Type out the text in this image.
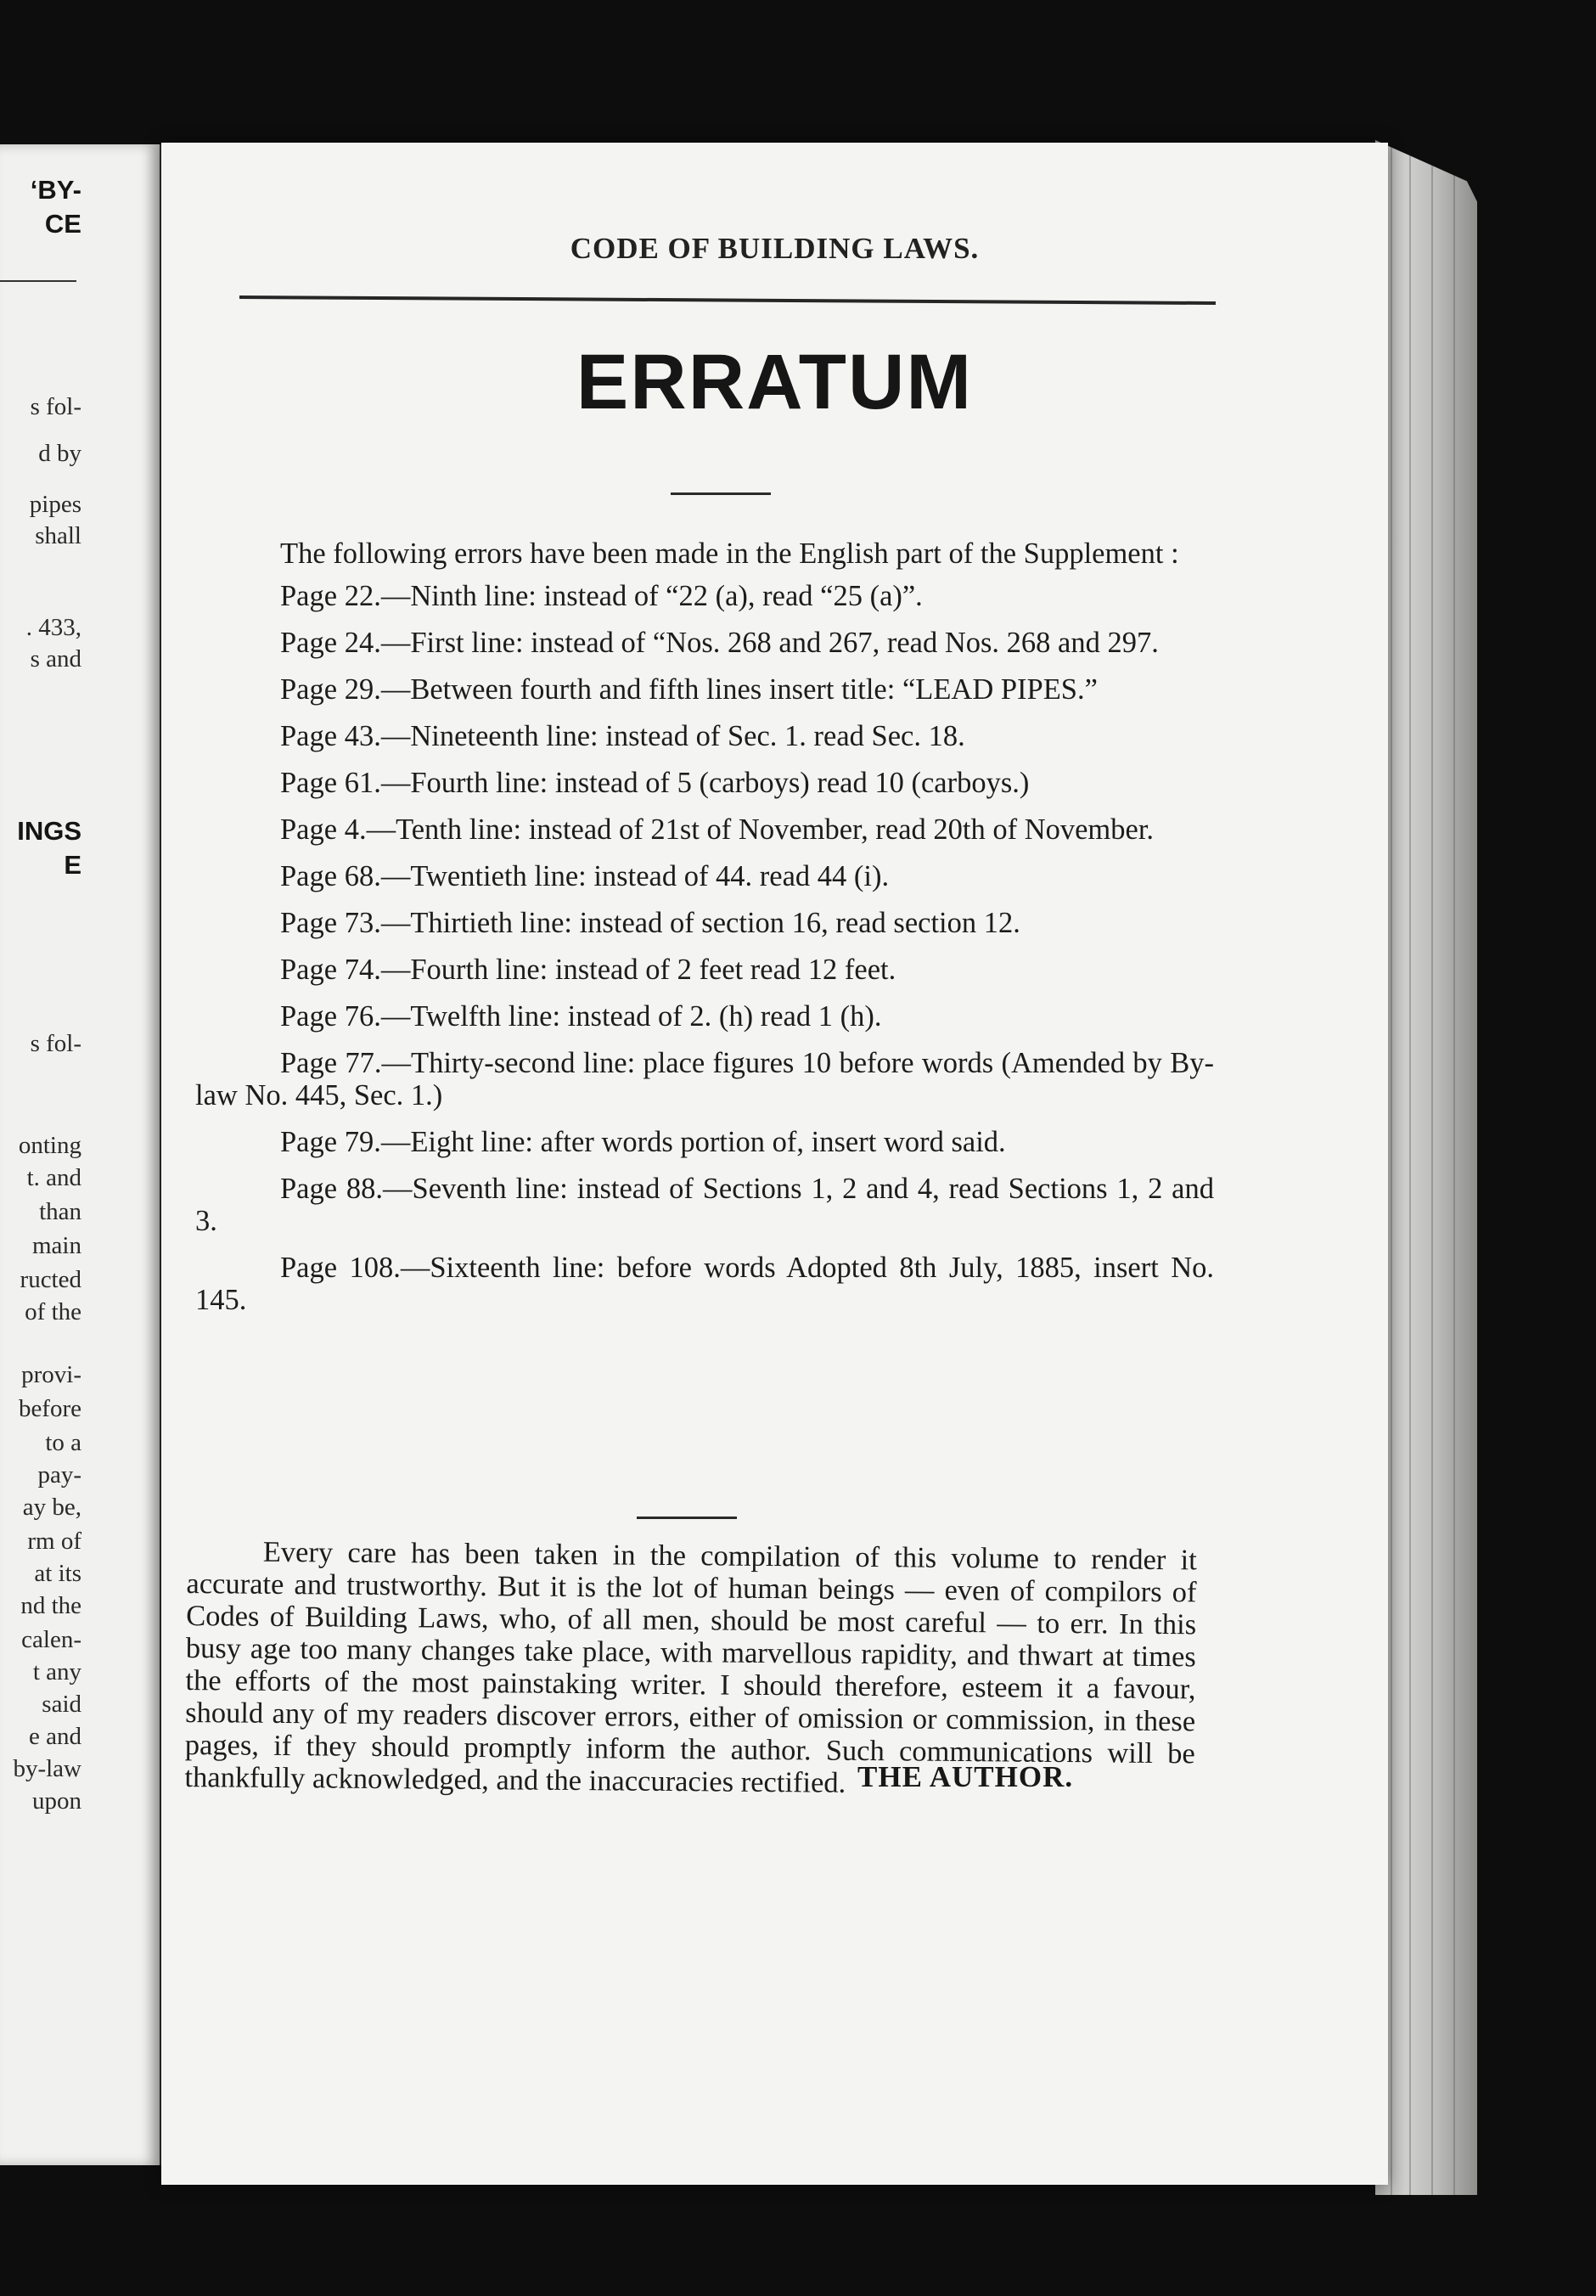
‘BY-
CE
s fol-
d by
pipes
shall
. 433,
s and
INGS
E
s fol-
onting
t. and
than
main
ructed
of the
provi-
before
to a
pay-
ay be,
rm of
at its
nd the
calen-
t any
said
e and
by-law
upon
CODE OF BUILDING LAWS.
ERRATUM

The following errors have been made in the English part of the Supplement :

Page 22.—Ninth line: instead of “22 (a), read “25 (a)”.

Page 24.—First line: instead of “Nos. 268 and 267, read Nos. 268 and 297.

Page 29.—Between fourth and fifth lines insert title: “LEAD PIPES.”

Page 43.—Nineteenth line: instead of Sec. 1. read Sec. 18.

Page 61.—Fourth line: instead of 5 (carboys) read 10 (carboys.)

Page 4.—Tenth line: instead of 21st of November, read 20th of November.

Page 68.—Twentieth line: instead of 44. read 44 (i).

Page 73.—Thirtieth line: instead of section 16, read section 12.

Page 74.—Fourth line: instead of 2 feet read 12 feet.

Page 76.—Twelfth line: instead of 2. (h) read 1 (h).

Page 77.—Thirty-second line: place figures 10 before words (Amended by By-law No. 445, Sec. 1.)

Page 79.—Eight line: after words portion of, insert word said.

Page 88.—Seventh line: instead of Sections 1, 2 and 4, read Sections 1, 2 and 3.

Page 108.—Sixteenth line: before words Adopted 8th July, 1885, insert No. 145.

Every care has been taken in the compilation of this volume to render it accurate and trustworthy. But it is the lot of human beings — even of compilors of Codes of Building Laws, who, of all men, should be most careful — to err. In this busy age too many changes take place, with marvellous rapidity, and thwart at times the efforts of the most painstaking writer. I should therefore, esteem it a favour, should any of my readers discover errors, either of omission or commission, in these pages, if they should promptly inform the author. Such communications will be thankfully acknowledged, and the inaccuracies rectified. THE AUTHOR.
